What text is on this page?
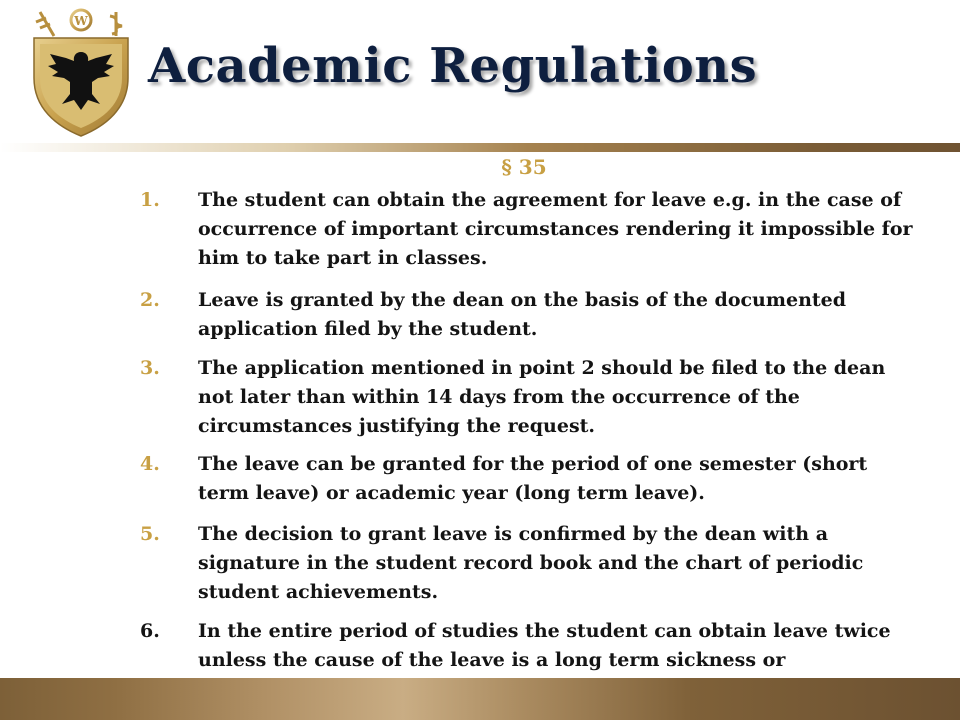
W
Academic Regulations
§ 35
1.	The student can obtain the agreement for leave e.g. in the case of occurrence of important circumstances rendering it impossible for him to take part in classes.
2.	Leave is granted by the dean on the basis of the documented application filed by the student.
3.	The application mentioned in point 2 should be filed to the dean not later than within 14 days from the occurrence of the circumstances justifying the request.
4.	The leave can be granted for the period of one semester (short term leave) or academic year (long term leave).
5.	The decision to grant leave is confirmed by the dean with a signature in the student record book and the chart of periodic student achievements.
6.	In the entire period of studies the student can obtain leave twice unless the cause of the leave is a long term sickness or
